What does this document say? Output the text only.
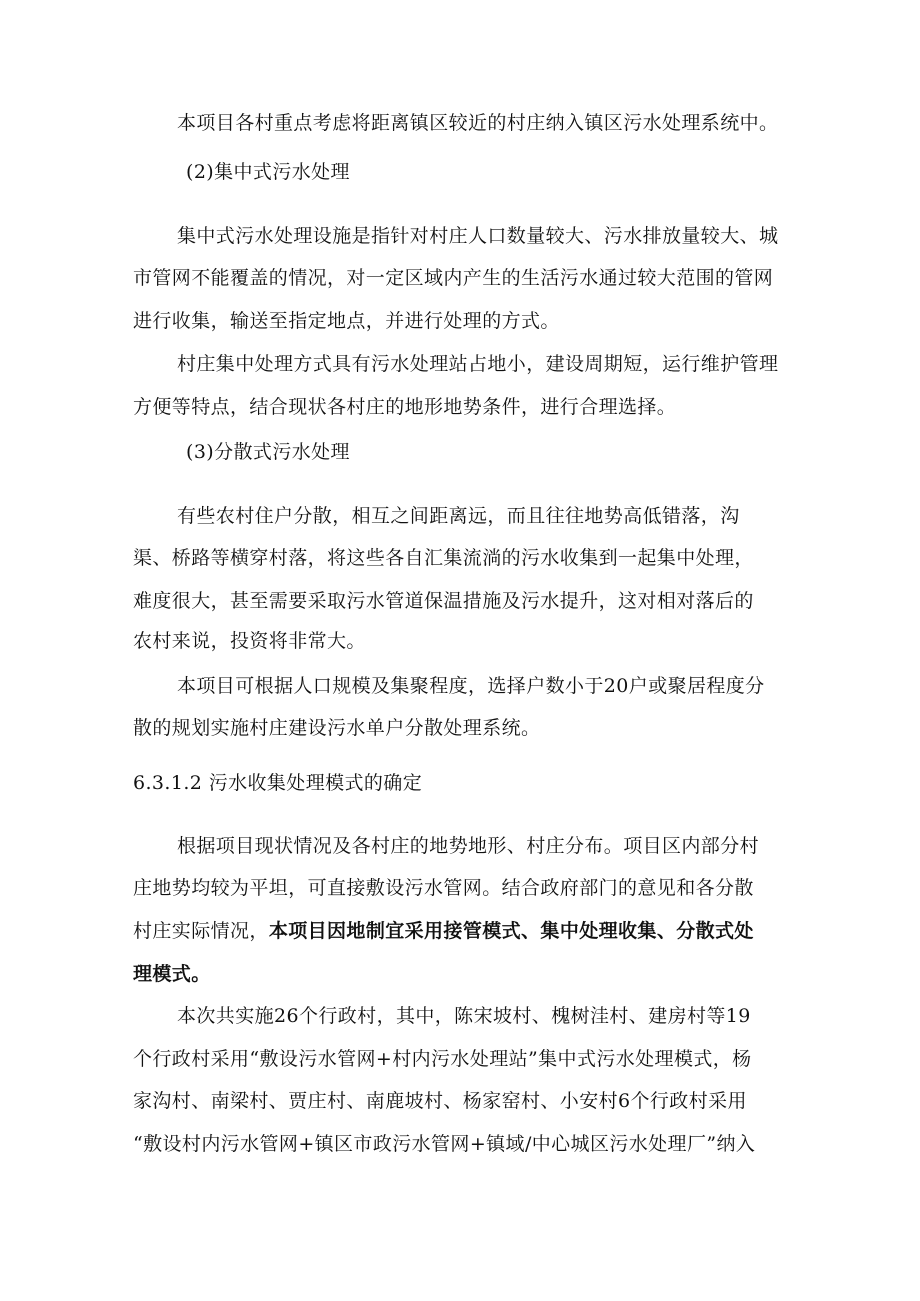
本项目各村重点考虑将距离镇区较近的村庄纳入镇区污水处理系统中。
(2)集中式污水处理
集中式污水处理设施是指针对村庄人口数量较大、污水排放量较大、城
市管网不能覆盖的情况，对一定区域内产生的生活污水通过较大范围的管网
进行收集，输送至指定地点，并进行处理的方式。
村庄集中处理方式具有污水处理站占地小，建设周期短，运行维护管理
方便等特点，结合现状各村庄的地形地势条件，进行合理选择。
(3)分散式污水处理
有些农村住户分散，相互之间距离远，而且往往地势高低错落，沟
渠、桥路等横穿村落，将这些各自汇集流淌的污水收集到一起集中处理，
难度很大，甚至需要采取污水管道保温措施及污水提升，这对相对落后的
农村来说，投资将非常大。
本项目可根据人口规模及集聚程度，选择户数小于20户或聚居程度分
散的规划实施村庄建设污水单户分散处理系统。
6.3.1.2 污水收集处理模式的确定
根据项目现状情况及各村庄的地势地形、村庄分布。项目区内部分村
庄地势均较为平坦，可直接敷设污水管网。结合政府部门的意见和各分散
村庄实际情况，本项目因地制宜采用接管模式、集中处理收集、分散式处
理模式。
本次共实施26个行政村，其中，陈宋坡村、槐树洼村、建房村等19
个行政村采用“敷设污水管网+村内污水处理站”集中式污水处理模式，杨
家沟村、南梁村、贾庄村、南鹿坡村、杨家窑村、小安村6个行政村采用
“敷设村内污水管网+镇区市政污水管网+镇域/中心城区污水处理厂”纳入
